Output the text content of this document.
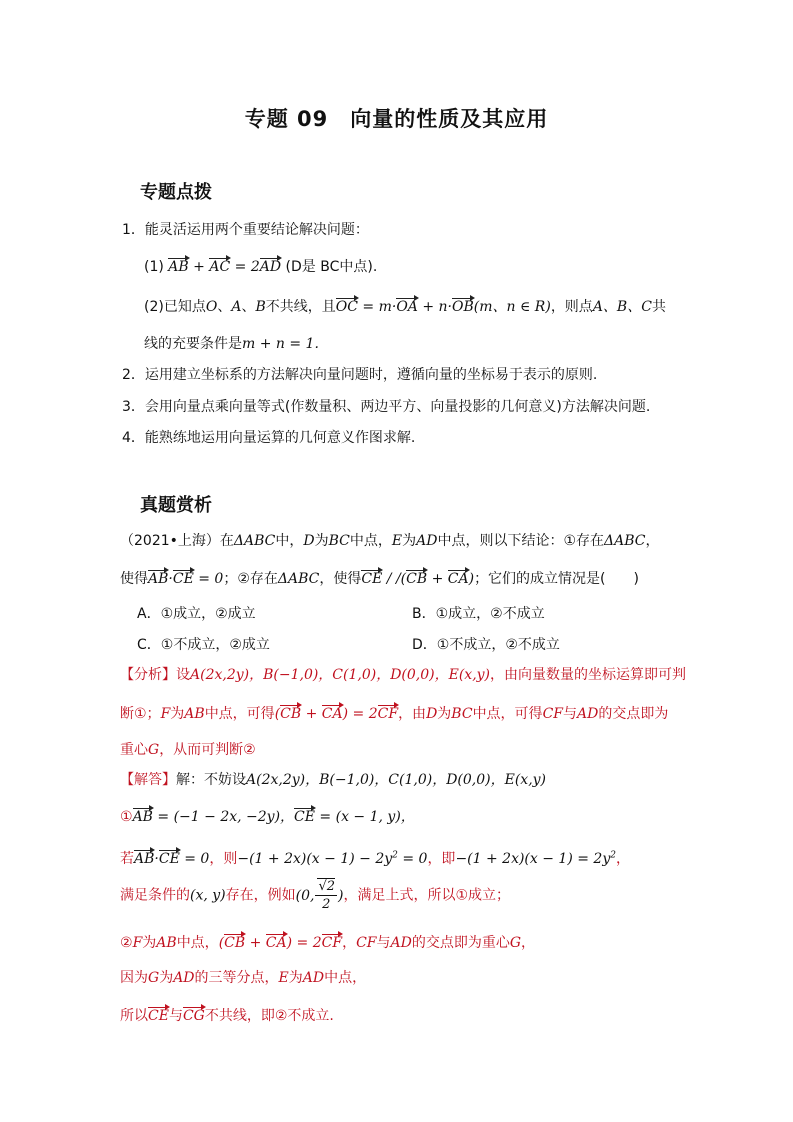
专题 09 向量的性质及其应用
专题点拨
1．能灵活运用两个重要结论解决问题：
(1) AB + AC = 2AD (D是 BC中点).
(2)已知点O、A、B不共线，且OC = m·OA + n·OB(m、n ∈ R)，则点A、B、C共
线的充要条件是m + n = 1.
2．运用建立坐标系的方法解决向量问题时，遵循向量的坐标易于表示的原则.
3．会用向量点乘向量等式(作数量积、两边平方、向量投影的几何意义)方法解决问题.
4．能熟练地运用向量运算的几何意义作图求解.
真题赏析
（2021•上海）在ΔABC中，D为BC中点，E为AD中点，则以下结论：①存在ΔABC，
使得AB·CE = 0；②存在ΔABC，使得CE / /(CB + CA)；它们的成立情况是(　　)
A．①成立，②成立	B．①成立，②不成立
C．①不成立，②成立	D．①不成立，②不成立
【分析】设A(2x,2y)，B(−1,0)，C(1,0)，D(0,0)，E(x,y)，由向量数量的坐标运算即可判
断①；F为AB中点，可得(CB + CA) = 2CF，由D为BC中点，可得CF与AD的交点即为
重心G，从而可判断②
【解答】解：不妨设A(2x,2y)，B(−1,0)，C(1,0)，D(0,0)，E(x,y)
①AB = (−1 − 2x, −2y)，CE = (x − 1, y)，
若AB·CE = 0，则$-(1 + 2x)(x - 1) - 2y^2 = 0$，即$-(1 + 2x)(x - 1) = 2y^2$，
满足条件的(x, y)存在，例如(0, $\frac{√2}{2}$ )，满足上式，所以①成立；
②F为AB中点，(CB + CA) = 2CF，CF与AD的交点即为重心G，
因为G为AD的三等分点，E为AD中点，
所以CE与CG不共线，即②不成立.
